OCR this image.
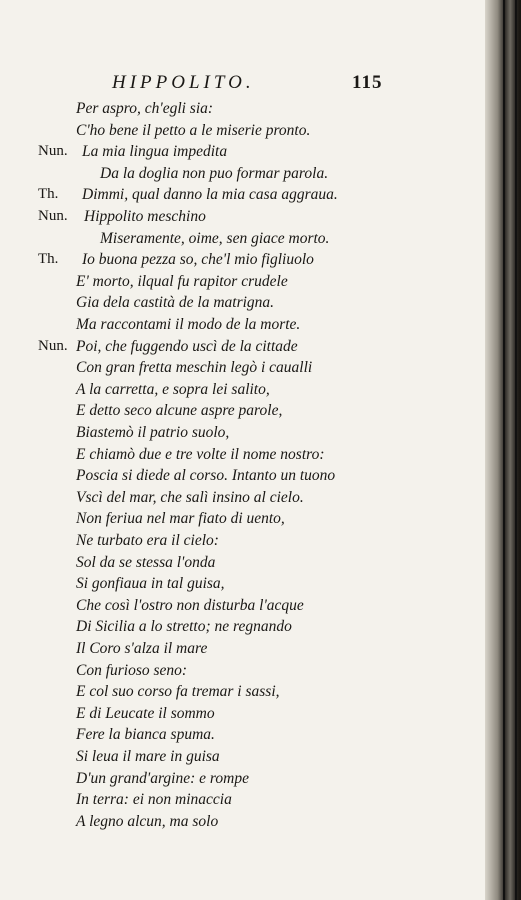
HIPPOLITO.	115
Per aspro, ch'egli sia:
C'ho bene il petto a le miserie pronto.
Nun. La mia lingua impedita
Da la doglia non puo formar parola.
Th. Dimmi, qual danno la mia casa aggraua.
Nun. Hippolito meschino
Miseramente, oime, sen giace morto.
Th. Io buona pezza so, che'l mio figliuolo
E' morto, ilqual fu rapitor crudele
Gia dela castità de la matrigna.
Ma raccontami il modo de la morte.
Nun. Poi, che fuggendo uscì de la cittade
Con gran fretta meschin legò i caualli
A la carretta, e sopra lei salito,
E detto seco alcune aspre parole,
Biastemò il patrio suolo,
E chiamò due e tre volte il nome nostro:
Poscia si diede al corso. Intanto un tuono
Vscì del mar, che salì insino al cielo.
Non feriua nel mar fiato di uento,
Ne turbato era il cielo:
Sol da se stessa l'onda
Si gonfiaua in tal guisa,
Che così l'ostro non disturba l'acque
Di Sicilia a lo stretto; ne regnando
Il Coro s'alza il mare
Con furioso seno:
E col suo corso fa tremar i sassi,
E di Leucate il sommo
Fere la bianca spuma.
Si leua il mare in guisa
D'un grand'argine: e rompe
In terra: ei non minaccia
A legno alcun, ma solo
